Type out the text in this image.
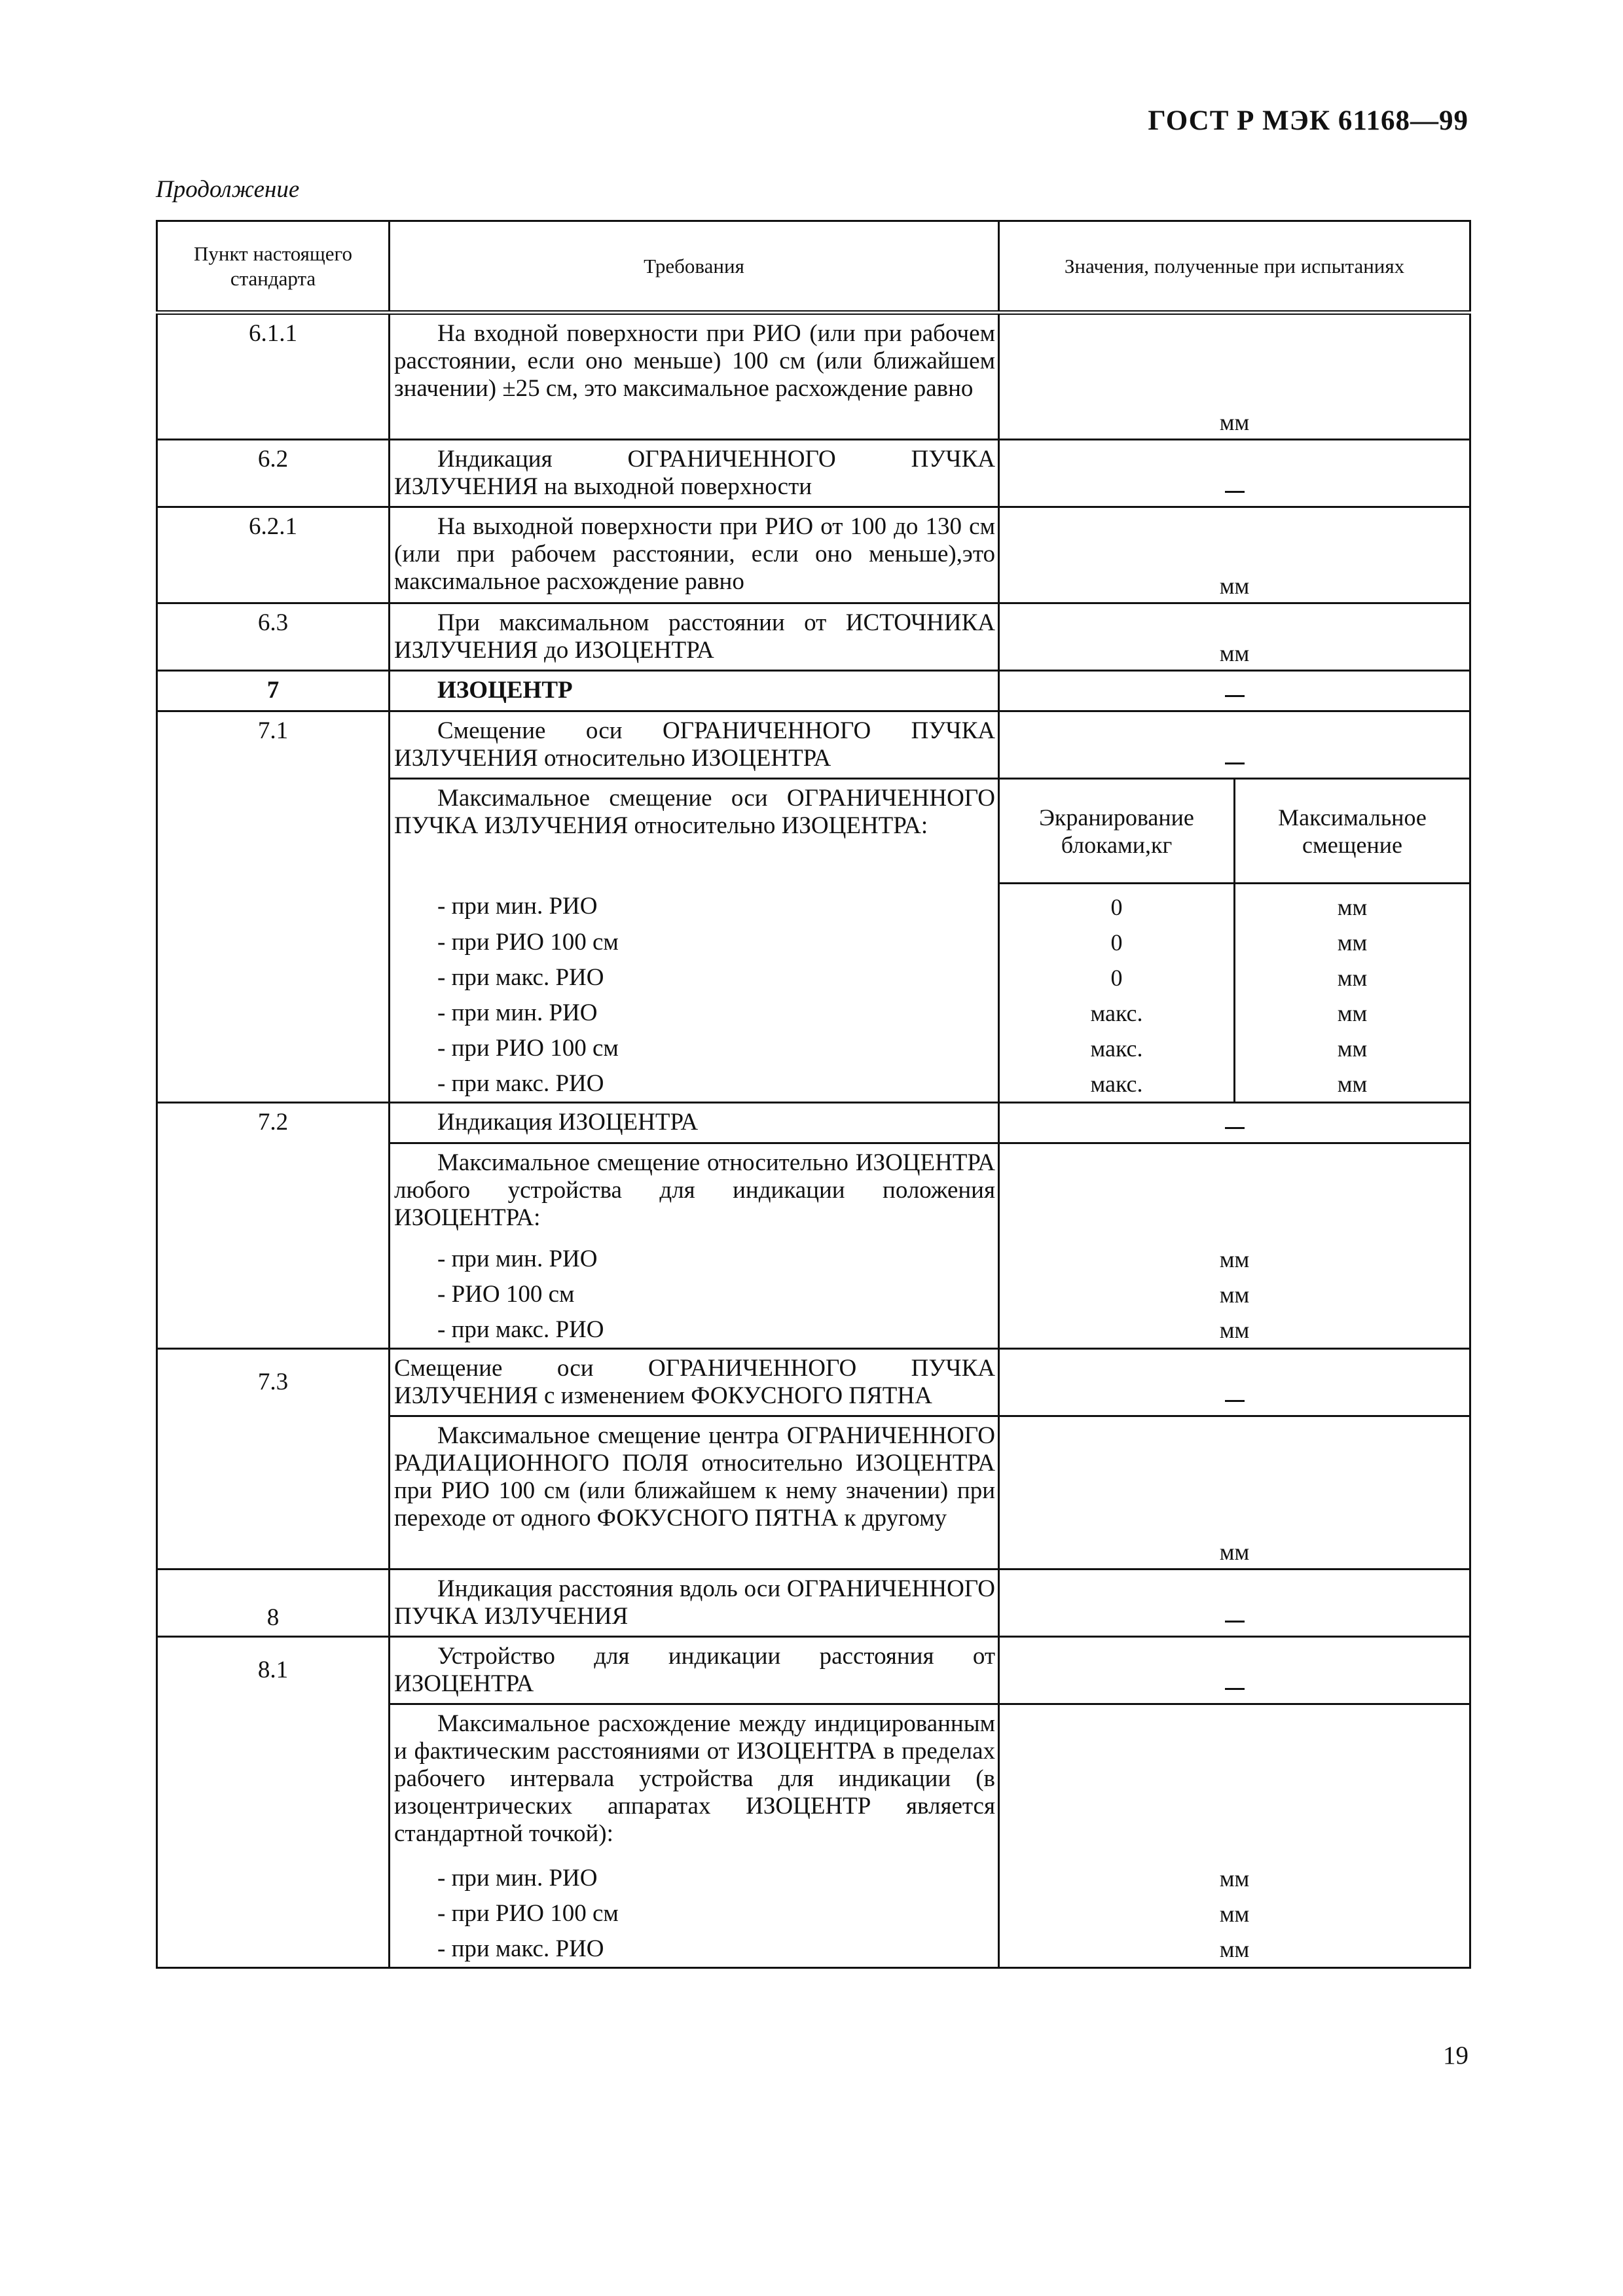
ГОСТ Р МЭК 61168—99
Продолжение
Пункт настоящего стандарта	Требования	Значения, полученные при испытаниях	
6.1.1	На входной поверхности при РИО (или при рабочем расстоянии, если оно меньше) 100 см (или ближайшем значении) ±25 см, это максимальное расхождение равно	мм	
6.2	Индикация ОГРАНИЧЕННОГО ПУЧКА ИЗЛУЧЕНИЯ на выходной поверхности		
6.2.1	На выходной поверхности при РИО от 100 до 130 см (или при рабочем расстоянии, если оно меньше),это максимальное расхождение равно	мм	
6.3	При максимальном расстоянии от ИСТОЧНИКА ИЗЛУЧЕНИЯ до ИЗОЦЕНТРА	мм	
7	ИЗОЦЕНТР		
7.1	Смещение оси ОГРАНИЧЕННОГО ПУЧКА ИЗЛУЧЕНИЯ относительно ИЗОЦЕНТРА		
	Максимальное смещение оси ОГРАНИЧЕННОГО ПУЧКА ИЗЛУЧЕНИЯ относительно ИЗОЦЕНТРА:	Экранирование блоками,кг	Максимальное смещение
	- при мин. РИО	0	мм
	- при РИО 100 см	0	мм
	- при макс. РИО	0	мм
	- при мин. РИО	макс.	мм
	- при РИО 100 см	макс.	мм
	- при макс. РИО	макс.	мм
7.2	Индикация ИЗОЦЕНТРА		
	Максимальное смещение относительно ИЗОЦЕНТРА любого устройства для индикации положения ИЗОЦЕНТРА:		
	- при мин. РИО	мм	
	- РИО 100 см	мм	
	- при макс. РИО	мм	
7.3	Смещение оси ОГРАНИЧЕННОГО ПУЧКА ИЗЛУЧЕНИЯ с изменением ФОКУСНОГО ПЯТНА		
	Максимальное смещение центра ОГРАНИЧЕННОГО РАДИАЦИОННОГО ПОЛЯ относительно ИЗОЦЕНТРА при РИО 100 см (или ближайшем к нему значении) при переходе от одного ФОКУСНОГО ПЯТНА к другому	мм	
8	Индикация расстояния вдоль оси ОГРАНИЧЕННОГО ПУЧКА ИЗЛУЧЕНИЯ		
8.1	Устройство для индикации расстояния от ИЗОЦЕНТРА		
	Максимальное расхождение между индицированным и фактическим расстояниями от ИЗОЦЕНТРА в пределах рабочего интервала устройства для индикации (в изоцентрических аппаратах ИЗОЦЕНТР является стандартной точкой):		
	- при мин. РИО	мм	
	- при РИО 100 см	мм	
	- при макс. РИО	мм	
19
